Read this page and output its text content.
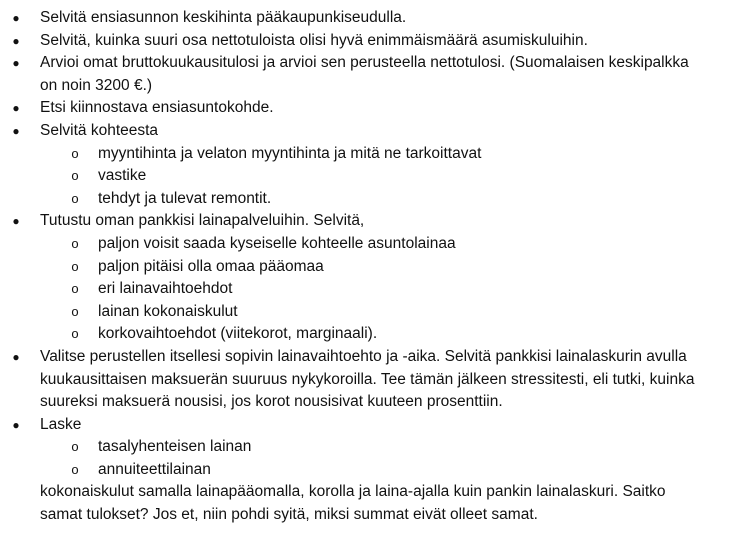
●	Selvitä ensiasunnon keskihinta pääkaupunkiseudulla.
●	Selvitä, kuinka suuri osa nettotuloista olisi hyvä enimmäismäärä asumiskuluihin.
●	Arvioi omat bruttokuukausitulosi ja arvioi sen perusteella nettotulosi. (Suomalaisen keskipalkka on noin 3200 €.)
●	Etsi kiinnostava ensiasuntokohde.
●	Selvitä kohteesta
o myyntihinta ja velaton myyntihinta ja mitä ne tarkoittavat
o vastike
o tehdyt ja tulevat remontit.
●	Tutustu oman pankkisi lainapalveluihin. Selvitä,
o paljon voisit saada kyseiselle kohteelle asuntolainaa
o paljon pitäisi olla omaa pääomaa
o eri lainavaihtoehdot
o lainan kokonaiskulut
o korkovaihtoehdot (viitekorot, marginaali).
●	Valitse perustellen itsellesi sopivin lainavaihtoehto ja -aika. Selvitä pankkisi lainalaskurin avulla kuukausittaisen maksuerän suuruus nykykoroilla. Tee tämän jälkeen stressitesti, eli tutki, kuinka suureksi maksuerä nousisi, jos korot nousisivat kuuteen prosenttiin.
●	Laske
o tasalyhenteisen lainan
o annuiteettilainan
kokonaiskulut samalla lainapääomalla, korolla ja laina-ajalla kuin pankin lainalaskuri. Saitko samat tulokset? Jos et, niin pohdi syitä, miksi summat eivät olleet samat.
